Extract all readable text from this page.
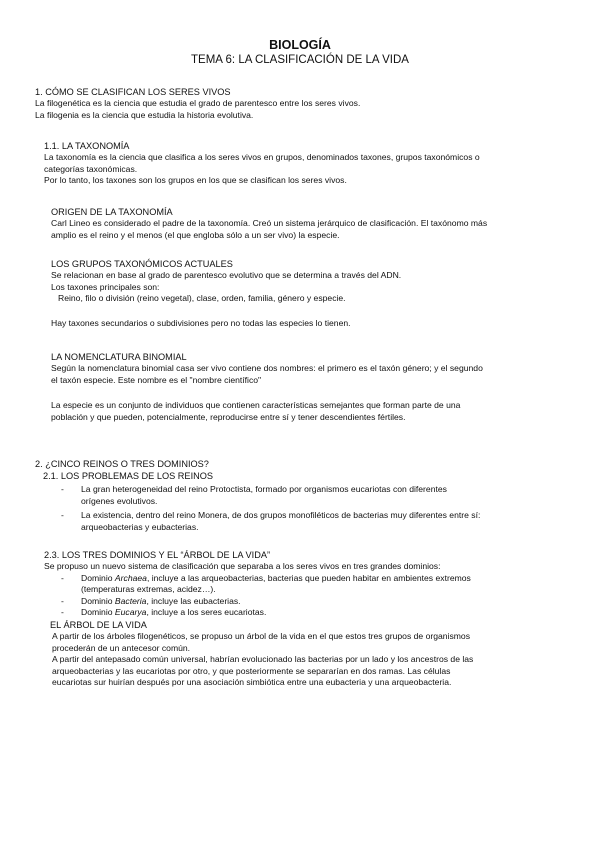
BIOLOGÍA
TEMA 6: LA CLASIFICACIÓN DE LA VIDA

1. CÓMO SE CLASIFICAN LOS SERES VIVOS

La filogenética es la ciencia que estudia el grado de parentesco entre los seres vivos.

La filogenia es la ciencia que estudia la historia evolutiva.

1.1. LA TAXONOMÍA

La taxonomía es la ciencia que clasifica a los seres vivos en grupos, denominados taxones, grupos taxonómicos o

categorías taxonómicas.

Por lo tanto, los taxones son los grupos en los que se clasifican los seres vivos.

ORIGEN DE LA TAXONOMÍA

Carl Lineo es considerado el padre de la taxonomía. Creó un sistema jerárquico de clasificación. El taxónomo más

amplio es el reino y el menos (el que engloba sólo a un ser vivo) la especie.

LOS GRUPOS TAXONÓMICOS ACTUALES

Se relacionan en base al grado de parentesco evolutivo que se determina a través del ADN.

Los taxones principales son:

Reino, filo o división (reino vegetal), clase, orden, familia, género y especie.

Hay taxones secundarios o subdivisiones pero no todas las especies lo tienen.

LA NOMENCLATURA BINOMIAL

Según la nomenclatura binomial casa ser vivo contiene dos nombres: el primero es el taxón género; y el segundo

el taxón especie. Este nombre es el "nombre científico"

La especie es un conjunto de individuos que contienen características semejantes que forman parte de una

población y que pueden, potencialmente, reproducirse entre sí y tener descendientes fértiles.

2. ¿CINCO REINOS O TRES DOMINIOS?

2.1. LOS PROBLEMAS DE LOS REINOS

- La gran heterogeneidad del reino Protoctista, formado por organismos eucariotas con diferentes
orígenes evolutivos.
- La existencia, dentro del reino Monera, de dos grupos monofiléticos de bacterias muy diferentes entre sí:
arqueobacterias y eubacterias.

2.3. LOS TRES DOMINIOS Y EL “ÁRBOL DE LA VIDA”

Se propuso un nuevo sistema de clasificación que separaba a los seres vivos en tres grandes dominios:

- Dominio Archaea, incluye a las arqueobacterias, bacterias que pueden habitar en ambientes extremos
(temperaturas extremas, acidez…).
- Dominio Bacteria, incluye las eubacterias.
- Dominio Eucarya, incluye a los seres eucariotas.

EL ÁRBOL DE LA VIDA

A partir de los árboles filogenéticos, se propuso un árbol de la vida en el que estos tres grupos de organismos

procederán de un antecesor común.

A partir del antepasado común universal, habrían evolucionado las bacterias por un lado y los ancestros de las

arqueobacterias y las eucariotas por otro, y que posteriormente se separarían en dos ramas. Las células

eucariotas sur huirían después por una asociación simbiótica entre una eubacteria y una arqueobacteria.
